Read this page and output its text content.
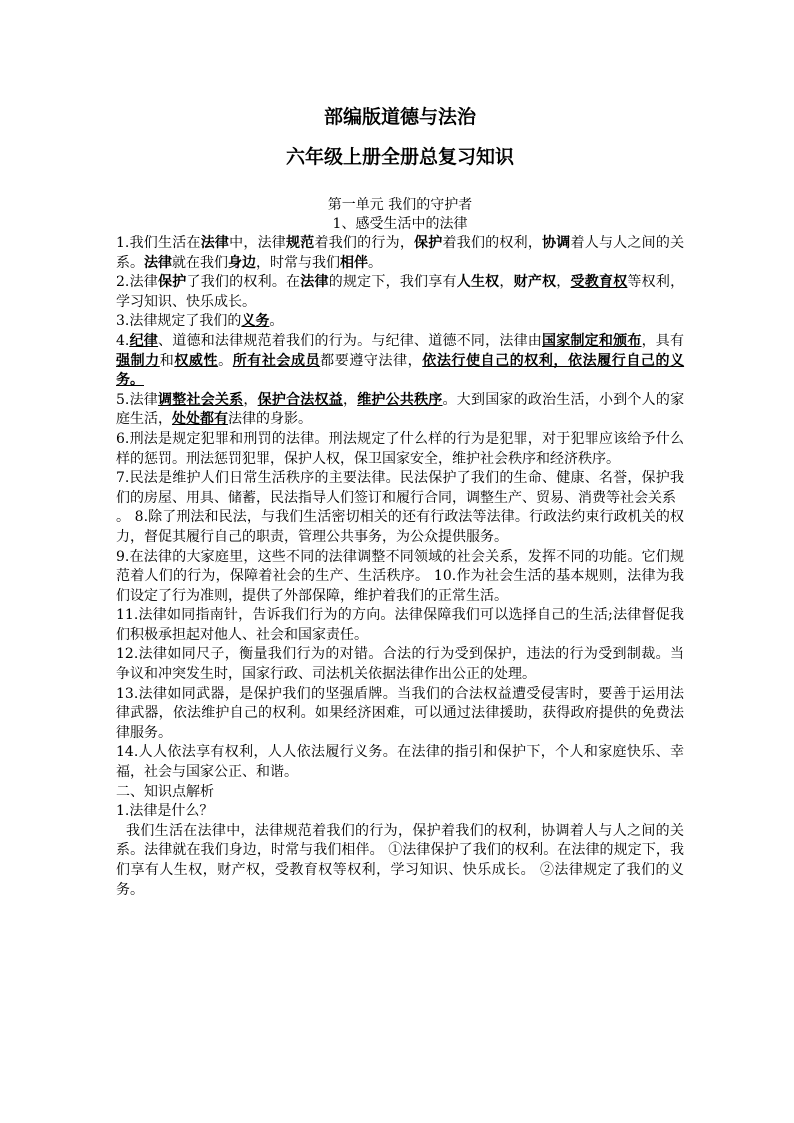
部编版道德与法治
六年级上册全册总复习知识
第一单元 我们的守护者
1、感受生活中的法律

1.我们生活在法律中，法律规范着我们的行为，保护着我们的权利，协调着人与人之间的关系。法律就在我们身边，时常与我们相伴。

2.法律保护了我们的权利。在法律的规定下，我们享有人生权，财产权，受教育权等权利，学习知识、快乐成长。

3.法律规定了我们的义务。

4.纪律、道德和法律规范着我们的行为。与纪律、道德不同，法律由国家制定和颁布，具有强制力和权威性。所有社会成员都要遵守法律，依法行使自己的权利，依法履行自己的义务。

5.法律调整社会关系，保护合法权益，维护公共秩序。大到国家的政治生活，小到个人的家庭生活，处处都有法律的身影。

6.刑法是规定犯罪和刑罚的法律。刑法规定了什么样的行为是犯罪，对于犯罪应该给予什么样的惩罚。刑法惩罚犯罪，保护人权，保卫国家安全，维护社会秩序和经济秩序。

7.民法是维护人们日常生活秩序的主要法律。民法保护了我们的生命、健康、名誉，保护我们的房屋、用具、储蓄，民法指导人们签订和履行合同，调整生产、贸易、消费等社会关系

。 8.除了刑法和民法，与我们生活密切相关的还有行政法等法律。行政法约束行政机关的权力，督促其履行自己的职责，管理公共事务，为公众提供服务。

9.在法律的大家庭里，这些不同的法律调整不同领域的社会关系，发挥不同的功能。它们规范着人们的行为，保障着社会的生产、生活秩序。 10.作为社会生活的基本规则，法律为我们设定了行为准则，提供了外部保障，维护着我们的正常生活。

11.法律如同指南针，告诉我们行为的方向。法律保障我们可以选择自己的生活;法律督促我们积极承担起对他人、社会和国家责任。

12.法律如同尺子，衡量我们行为的对错。合法的行为受到保护，违法的行为受到制裁。当争议和冲突发生时，国家行政、司法机关依据法律作出公正的处理。

13.法律如同武器，是保护我们的坚强盾牌。当我们的合法权益遭受侵害时，要善于运用法律武器，依法维护自己的权利。如果经济困难，可以通过法律援助，获得政府提供的免费法律服务。

14.人人依法享有权利，人人依法履行义务。在法律的指引和保护下，个人和家庭快乐、幸福，社会与国家公正、和谐。

二、知识点解析

1.法律是什么？

我们生活在法律中，法律规范着我们的行为，保护着我们的权利，协调着人与人之间的关系。法律就在我们身边，时常与我们相伴。 ①法律保护了我们的权利。在法律的规定下，我们享有人生权，财产权，受教育权等权利，学习知识、快乐成长。 ②法律规定了我们的义务。
